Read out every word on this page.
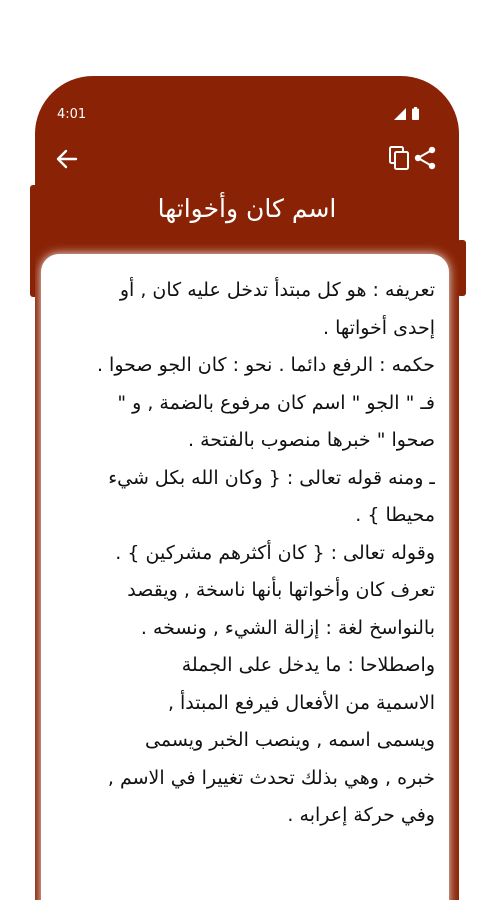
4:01
اسم كان وأخواتها
تعريفه : هو كل مبتدأ تدخل عليه كان , أو
إحدى أخواتها .
حكمه : الرفع دائما . نحو : كان الجو صحوا .
فـ " الجو " اسم كان مرفوع بالضمة , و "
صحوا " خبرها منصوب بالفتحة .
ـ ومنه قوله تعالى : { وكان الله بكل شيء
محيطا } .
وقوله تعالى : { كان أكثرهم مشركين } .
تعرف كان وأخواتها بأنها ناسخة , ويقصد
بالنواسخ لغة : إزالة الشيء , ونسخه .
واصطلاحا : ما يدخل على الجملة
الاسمية من الأفعال فيرفع المبتدأ ,
ويسمى اسمه , وينصب الخبر ويسمى
خبره , وهي بذلك تحدث تغييرا في الاسم ,
وفي حركة إعرابه .
